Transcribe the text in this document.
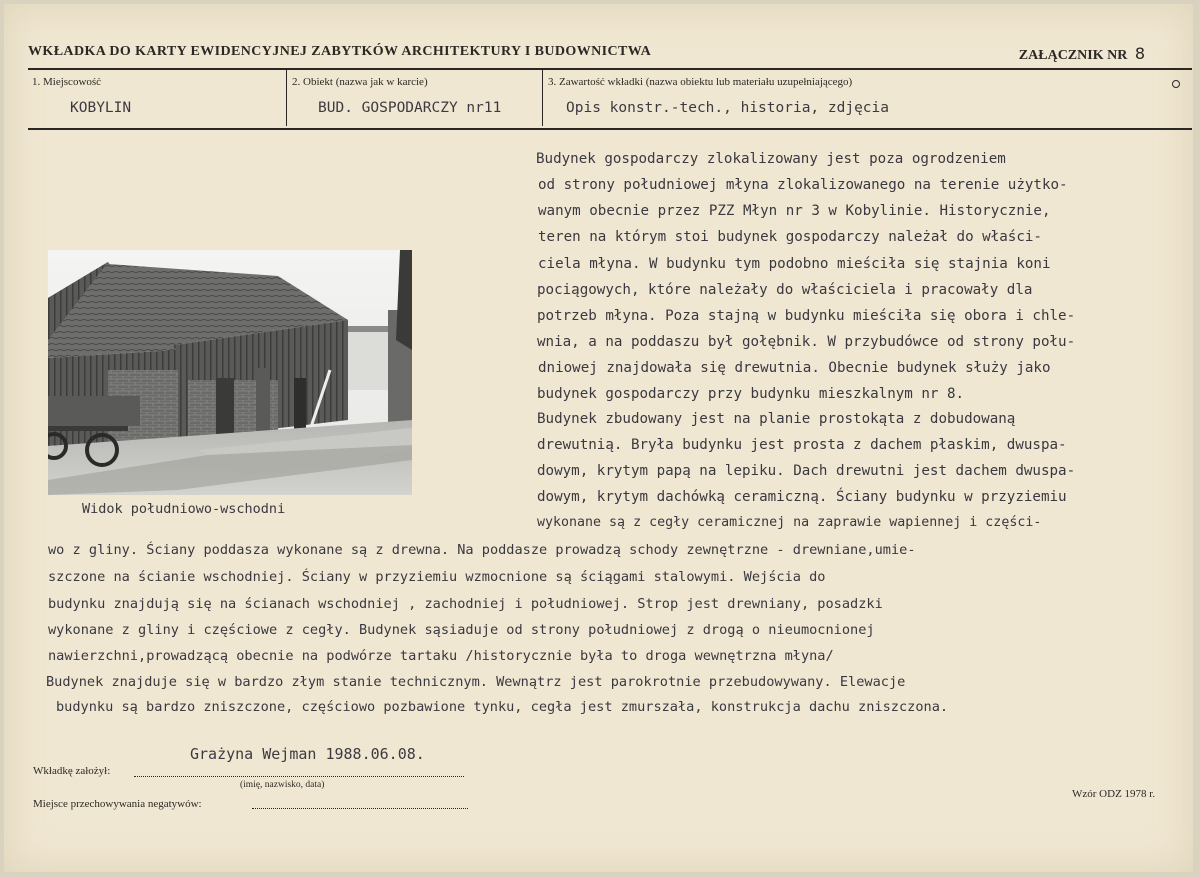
WKŁADKA DO KARTY EWIDENCYJNEJ ZABYTKÓW ARCHITEKTURY I BUDOWNICTWA	ZAŁĄCZNIK NR 8
1. Miejscowość	2. Obiekt (nazwa jak w karcie)	3. Zawartość wkładki (nazwa obiektu lub materiału uzupełniającego)
KOBYLIN	BUD. GOSPODARCZY nr11	Opis konstr.-tech., historia, zdjęcia
Widok południowo-wschodni
Budynek gospodarczy zlokalizowany jest poza ogrodzeniem
od strony południowej młyna zlokalizowanego na terenie użytko-
wanym obecnie przez PZZ Młyn nr 3 w Kobylinie. Historycznie,
teren na którym stoi budynek gospodarczy należał do właści-
ciela młyna. W budynku tym podobno mieściła się stajnia koni
pociągowych, które należały do właściciela i pracowały dla
potrzeb młyna. Poza stajną w budynku mieściła się obora i chle-
wnia, a na poddaszu był gołębnik. W przybudówce od strony połu-
dniowej znajdowała się drewutnia. Obecnie budynek służy jako
budynek gospodarczy przy budynku mieszkalnym nr 8.
Budynek zbudowany jest na planie prostokąta z dobudowaną
drewutnią. Bryła budynku jest prosta z dachem płaskim, dwuspa-
dowym, krytym papą na lepiku. Dach drewutni jest dachem dwuspa-
dowym, krytym dachówką ceramiczną. Ściany budynku w przyziemiu
wykonane są z cegły ceramicznej na zaprawie wapiennej i części-
wo z gliny. Ściany poddasza wykonane są z drewna. Na poddasze prowadzą schody zewnętrzne - drewniane,umie-
szczone na ścianie wschodniej. Ściany w przyziemiu wzmocnione są ściągami stalowymi. Wejścia do
budynku znajdują się na ścianach wschodniej , zachodniej i południowej. Strop jest drewniany, posadzki
wykonane z gliny i częściowe z cegły. Budynek sąsiaduje od strony południowej z drogą o nieumocnionej
nawierzchni,prowadzącą obecnie na podwórze tartaku /historycznie była to droga wewnętrzna młyna/
Budynek znajduje się w bardzo złym stanie technicznym. Wewnątrz jest parokrotnie przebudowywany. Elewacje
budynku są bardzo zniszczone, częściowo pozbawione tynku, cegła jest zmurszała, konstrukcja dachu zniszczona.
Grażyna Wejman 1988.06.08.
Wkładkę założył:
(imię, nazwisko, data)
Miejsce przechowywania negatywów:
Wzór ODZ 1978 r.
